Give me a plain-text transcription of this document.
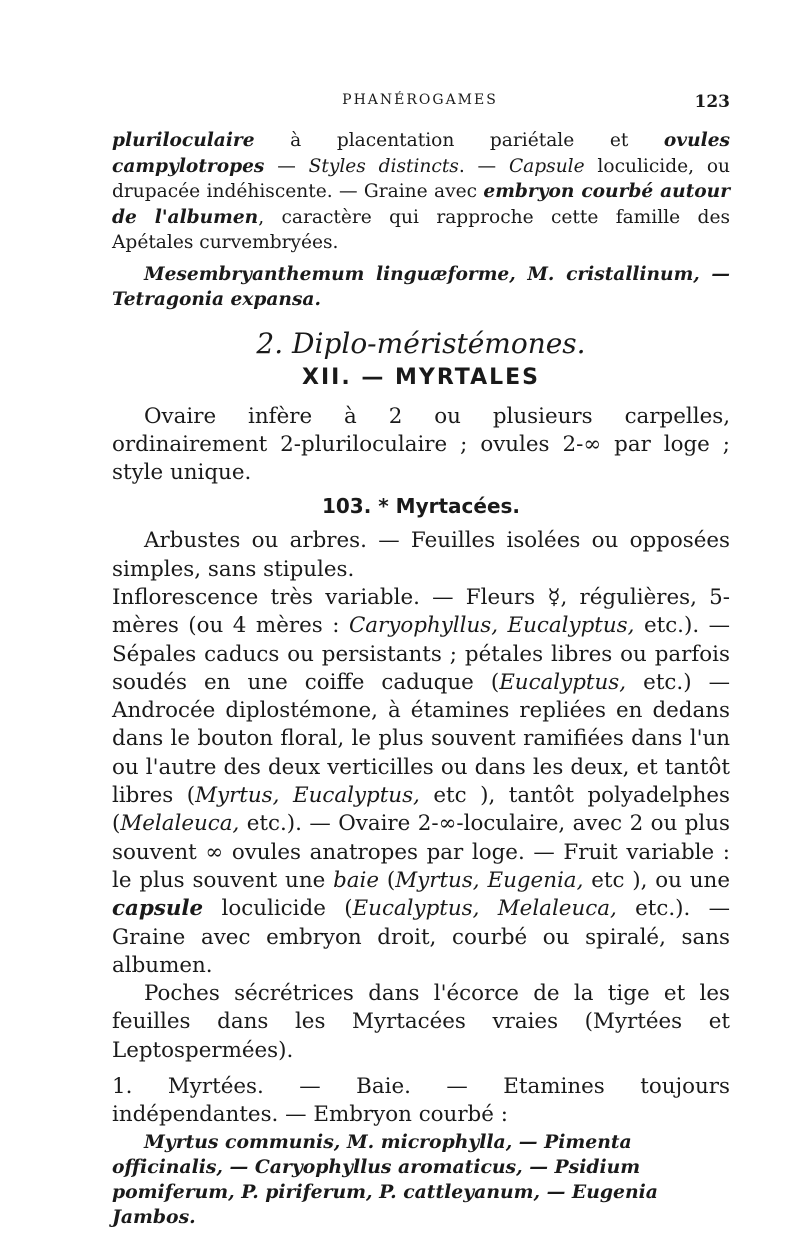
PHANÉROGAMES	123

pluriloculaire à placentation pariétale et ovules campylotropes — Styles distincts. — Capsule loculicide, ou drupacée indéhiscente. — Graine avec embryon courbé autour de l'albumen, caractère qui rapproche cette famille des Apétales curvembryées.

Mesembryanthemum linguæforme, M. cristallinum, — Tetragonia expansa.

2. Diplo-méristémones.
XII. — MYRTALES

Ovaire infère à 2 ou plusieurs carpelles, ordinairement 2-pluriloculaire ; ovules 2-∞ par loge ; style unique.

103. * Myrtacées.

Arbustes ou arbres. — Feuilles isolées ou opposées simples, sans stipules.

Inflorescence très variable. — Fleurs ☿, régulières, 5-mères (ou 4 mères : Caryophyllus, Eucalyptus, etc.). — Sépales caducs ou persistants ; pétales libres ou parfois soudés en une coiffe caduque (Eucalyptus, etc.) — Androcée diplostémone, à étamines repliées en dedans dans le bouton floral, le plus souvent ramifiées dans l'un ou l'autre des deux verticilles ou dans les deux, et tantôt libres (Myrtus, Eucalyptus, etc ), tantôt polyadelphes (Melaleuca, etc.). — Ovaire 2-∞-loculaire, avec 2 ou plus souvent ∞ ovules anatropes par loge. — Fruit variable : le plus souvent une baie (Myrtus, Eugenia, etc ), ou une capsule loculicide (Eucalyptus, Melaleuca, etc.). — Graine avec embryon droit, courbé ou spiralé, sans albumen.

Poches sécrétrices dans l'écorce de la tige et les feuilles dans les Myrtacées vraies (Myrtées et Leptospermées).

1. Myrtées. — Baie. — Etamines toujours indépendantes. — Embryon courbé :

Myrtus communis, M. microphylla, — Pimenta officinalis, — Caryophyllus aromaticus, — Psidium pomiferum, P. piriferum, P. cattleyanum, — Eugenia Jambos.
